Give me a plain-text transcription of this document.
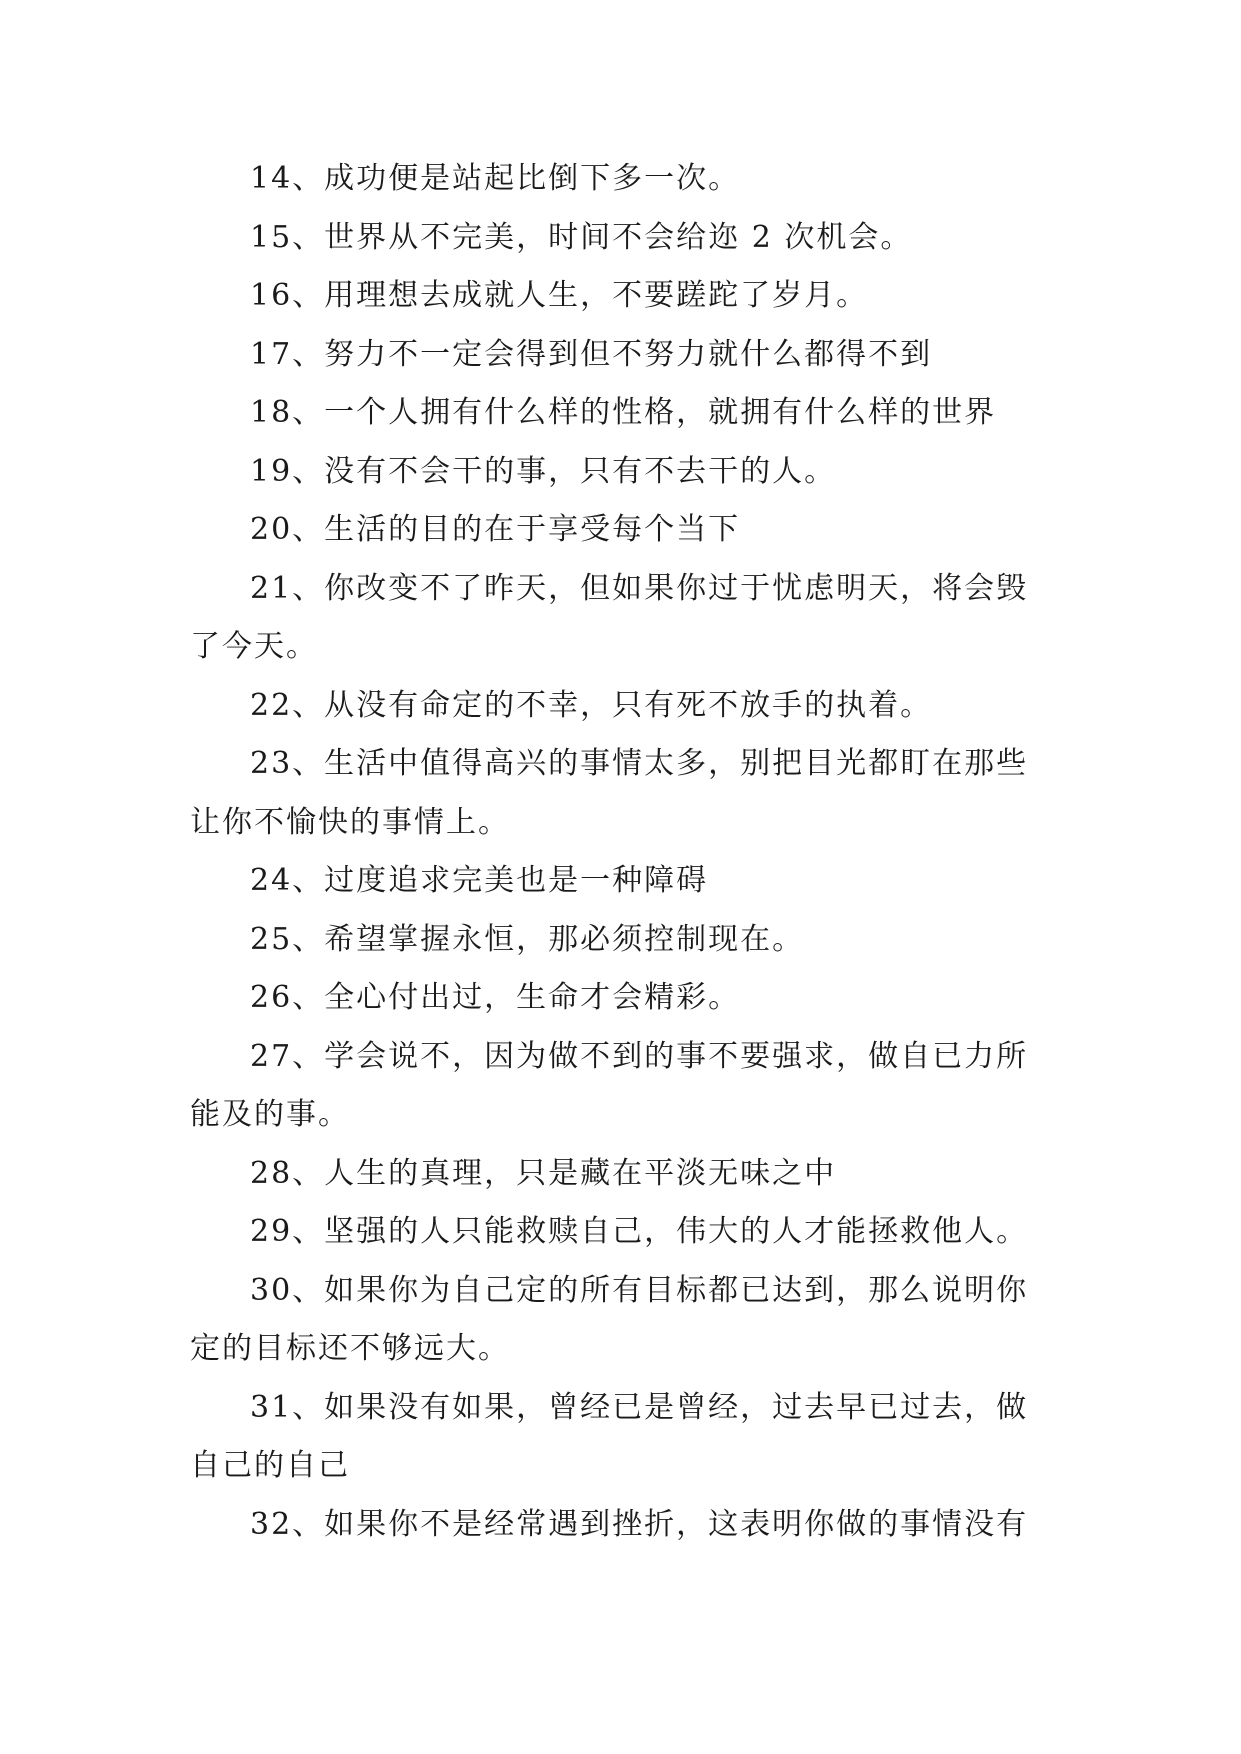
14、成功便是站起比倒下多一次。
15、世界从不完美，时间不会给迩 2 次机会。
16、用理想去成就人生，不要蹉跎了岁月。
17、努力不一定会得到但不努力就什么都得不到
18、一个人拥有什么样的性格，就拥有什么样的世界
19、没有不会干的事，只有不去干的人。
20、生活的目的在于享受每个当下
21、你改变不了昨天，但如果你过于忧虑明天，将会毁
了今天。
22、从没有命定的不幸，只有死不放手的执着。
23、生活中值得高兴的事情太多，别把目光都盯在那些
让你不愉快的事情上。
24、过度追求完美也是一种障碍
25、希望掌握永恒，那必须控制现在。
26、全心付出过，生命才会精彩。
27、学会说不，因为做不到的事不要强求，做自已力所
能及的事。
28、人生的真理，只是藏在平淡无味之中
29、坚强的人只能救赎自己，伟大的人才能拯救他人。
30、如果你为自己定的所有目标都已达到，那么说明你
定的目标还不够远大。
31、如果没有如果，曾经已是曾经，过去早已过去，做
自己的自己
32、如果你不是经常遇到挫折，这表明你做的事情没有
